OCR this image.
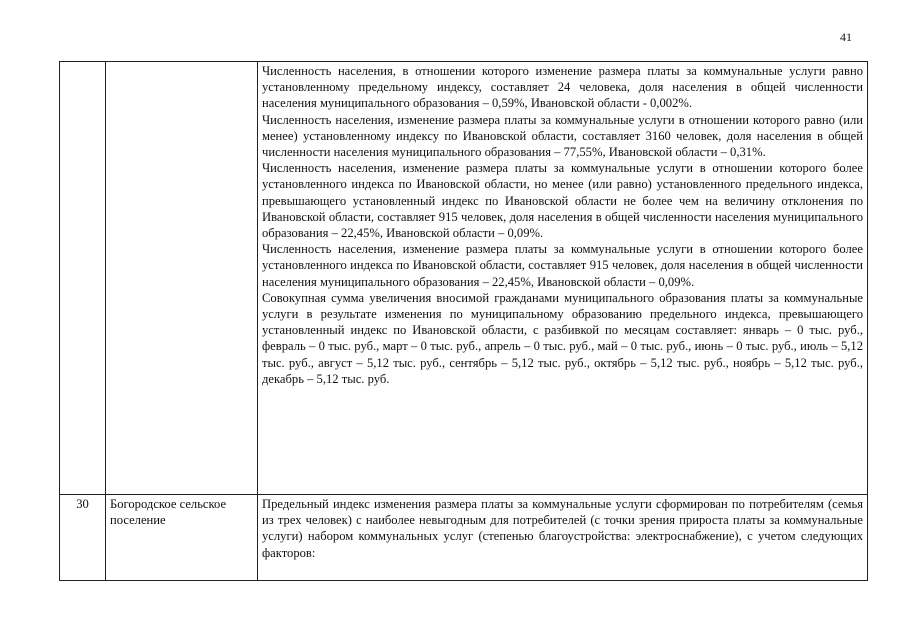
41

		Численность населения, в отношении которого изменение размера платы за коммунальные услуги равно установленному предельному индексу, составляет 24 человека, доля населения в общей численности населения муниципального образования – 0,59%, Ивановской области - 0,002%.

Численность населения, изменение размера платы за коммунальные услуги в отношении которого равно (или менее) установленному индексу по Ивановской области, составляет 3160 человек, доля населения в общей численности населения муниципального образования – 77,55%, Ивановской области – 0,31%.

Численность населения, изменение размера платы за коммунальные услуги в отношении которого более установленного индекса по Ивановской области, но менее (или равно) установленного предельного индекса, превышающего установленный индекс по Ивановской области не более чем на величину отклонения по Ивановской области, составляет 915 человек, доля населения в общей численности населения муниципального образования – 22,45%, Ивановской области – 0,09%.

Численность населения, изменение размера платы за коммунальные услуги в отношении которого более установленного индекса по Ивановской области, составляет 915 человек, доля населения в общей численности населения муниципального образования – 22,45%, Ивановской области – 0,09%.

Совокупная сумма увеличения вносимой гражданами муниципального образования платы за коммунальные услуги в результате изменения по муниципальному образованию предельного индекса, превышающего установленный индекс по Ивановской области, с разбивкой по месяцам составляет: январь – 0 тыс. руб., февраль – 0 тыс. руб., март – 0 тыс. руб., апрель – 0 тыс. руб., май – 0 тыс. руб., июнь – 0 тыс. руб., июль – 5,12 тыс. руб., август – 5,12 тыс. руб., сентябрь – 5,12 тыс. руб., октябрь – 5,12 тыс. руб., ноябрь – 5,12 тыс. руб., декабрь – 5,12 тыс. руб.

30	Богородское сельское поселение	Предельный индекс изменения размера платы за коммунальные услуги сформирован по потребителям (семья из трех человек) с наиболее невыгодным для потребителей (с точки зрения прироста платы за коммунальные услуги) набором коммунальных услуг (степенью благоустройства: электроснабжение), с учетом следующих факторов:
